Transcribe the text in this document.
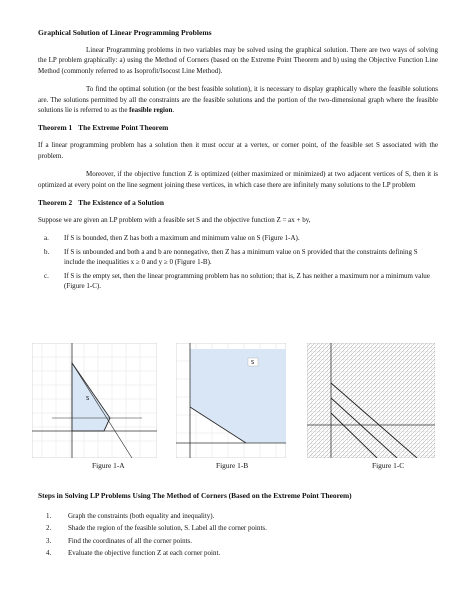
Graphical Solution of Linear Programming Problems

Linear Programming problems in two variables may be solved using the graphical solution. There are two ways of solving the LP problem graphically: a) using the Method of Corners (based on the Extreme Point Theorem and b) using the Objective Function Line Method (commonly referred to as Isoprofit/Isocost Line Method).

To find the optimal solution (or the best feasible solution), it is necessary to display graphically where the feasible solutions are. The solutions permitted by all the constraints are the feasible solutions and the portion of the two-dimensional graph where the feasible solutions lie is referred to as the feasible region.

Theorem 1 The Extreme Point Theorem

If a linear programming problem has a solution then it must occur at a vertex, or corner point, of the feasible set S associated with the problem.

Moreover, if the objective function Z is optimized (either maximized or minimized) at two adjacent vertices of S, then it is optimized at every point on the line segment joining these vertices, in which case there are infinitely many solutions to the LP problem

Theorem 2 The Existence of a Solution

Suppose we are given an LP problem with a feasible set S and the objective function Z = ax + by,

a. If S is bounded, then Z has both a maximum and minimum value on S (Figure 1-A).
b. If S is unbounded and both a and b are nonnegative, then Z has a minimum value on S provided that the constraints defining S include the inequalities x ≥ 0 and y ≥ 0 (Figure 1-B).
c. If S is the empty set, then the linear programming problem has no solution; that is, Z has neither a maximum nor a minimum value (Figure 1-C).
S
Figure 1-A
S
Figure 1-B	Figure 1-C
Steps in Solving LP Problems Using The Method of Corners (Based on the Extreme Point Theorem)
1. Graph the constraints (both equality and inequality).
2. Shade the region of the feasible solution, S. Label all the corner points.
3. Find the coordinates of all the corner points.
4. Evaluate the objective function Z at each corner point.
